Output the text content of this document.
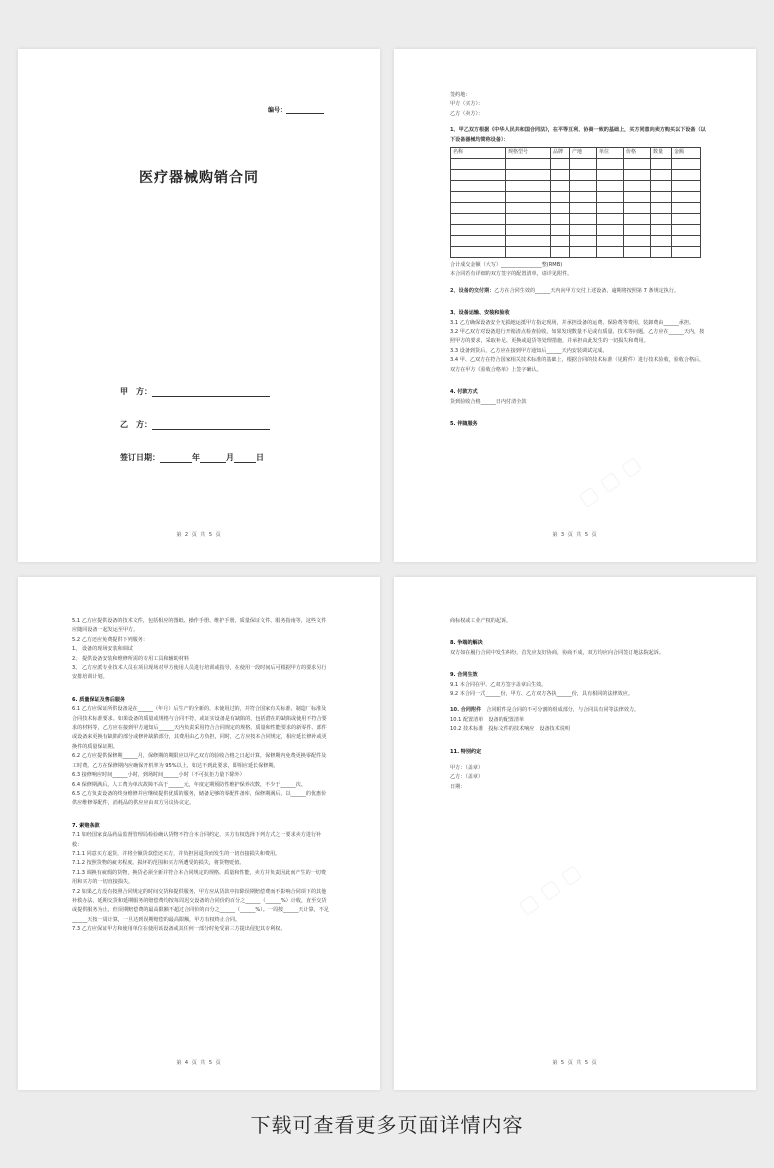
编号：
医疗器械购销合同
甲　方：
乙　方：
签订日期：	年	月	日
第 2 页 共 5 页
▢ ▢ ▢

签约地：

甲方（买方）：

乙方（卖方）：

1、甲乙双方根据《中华人民共和国合同法》，在平等互利、协商一致的基础上，买方同意向卖方购买以下设备（以下设备器械均简称设备）：

名称	规格型号	品牌	产地	单位	价格	数量	金额

合计成交金额（大写）________________整(RMB)

本合同若有详细的双方签字的配置清单，请详见附件。

2、设备的交付期：乙方在合同生效的______天内向甲方交付上述设备，逾期将按照第 7 条规定执行。

3、设备运输、安装和验收

3.1 乙方确保设备安全无损地运抵甲方指定现场，并承担设备的运费、保险费等费用，装卸费由______承担。

3.2 甲乙双方对设备进行开箱清点检查验收，如果发现数量不足或有质量、技术等问题，乙方应在______天内，按照甲方的要求，采取补足、更换或退货等处理措施，并承担由此发生的一切损失和费用。

3.3 设备到货后，乙方应在接到甲方通知后______天内安装调试完成。

3.4 甲、乙双方在符合国家相关技术标准的基础上，根据合同的技术标准（见附件）进行技术验收，验收合格后，双方在甲方《验收合格单》上签字确认。

4. 付款方式

货到验收合格______日内付清全款

5. 伴随服务

第 3 页 共 5 页

5.1 乙方应提供设备的技术文件，包括相应的图纸、操作手册、维护手册、质量保证文件、服务指南等，这些文件应随同设备一起发运至甲方。

5.2 乙方还应免费提供下列服务：

1、 设备的现场安装和调试

2、 提供设备安装和维修所需的专用工具和辅助材料

3、 乙方应派专业技术人员在项目现场对甲方使用人员进行培训或指导，在使用一段时间后可根据甲方的要求另行安排培训计划。

6. 质量保证及售后服务

6.1 乙方应保证所供设备是在______（年月）后生产的全新的、未使用过的，并符合国家有关标准、制造厂标准及合同技术标准要求。如果设备的质量或规格与合同不符，或证实设备是有缺陷的，包括潜在的缺陷或使用不符合要求的材料等，乙方应在接到甲方通知后______天内负责采用符合合同规定的规格、质量和性能要求的新零件、部件或设备来更换有缺陷的部分或修补缺陷部分，其费用由乙方负担，同时，乙方应按本合同规定，相应延长修补或更换件的质量保证期。

6.2 乙方应提供保修期______月，保修期的期限应以甲乙双方的验收合格之日起计算，保修期内免费更换零配件及工时费。乙方在保修期内应确保开机率为 95%以上，如达不到此要求，即相应延长保修期。

6.3 接修响应时间______小时，到场时间______小时（不可抗拒力量下除外）

6.4 保修期满后，人工费为单次故障不高于______元，年度定期预防性维护保养次数，不少于______次。

6.5 乙方负责设备的终身维修并应继续提供优质的服务，储备足够的零配件备库，保修期满后，以______的优惠价供应维修零配件，消耗品的供应应由双方另议协议定。

7. 索赔条款

7.1 如经国家食品药品监督管理局检验确认货物不符合本合同约定，买方有权选择下列方式之一要求卖方进行补救：

7.1.1 同意买方退货，并将全额货款偿还买方，并负担因退货而发生的一切直接损失和费用。

7.1.2 按照货物的疵劣程度、损坏的范围和买方所遭受的损失，将货物贬值。

7.1.3 调换有疵瑕的货物，换货必须全新并符合本合同规定的规格、质量和性能，卖方并负责因此而产生的一切费用和买方的一切直接损失。

7.2 如果乙方没有按照合同规定的时间交货和提供服务，甲方应从货款中扣除误期赔偿费而不影响合同项下的其他补救办法，延期交货和延期服务的赔偿费均按每周迟交设备的合同价的百分之______（______%）计收，直至交货或提供服务为止，但误期赔偿费的最高限额不超过合同价的百分之______（______%）。一周按______天计算，不足______天按一周计算，一旦达到误期赔偿的最高限额，甲方有权终止合同。

7.3 乙方应保证甲方和使用单位在使用该设备或其任何一部分时免受第三方提出侵犯其专利权、

第 4 页 共 5 页
▢ ▢ ▢

商标权或工业产权的起诉。

8. 争端的解决

双方如在履行合同中发生纠纷，首先应友好协商，协商不成，双方均应向合同签订地法院起诉。

9. 合同生效

9.1 本合同在甲、乙双方签字盖章后生效。

9.2 本合同一式______份，甲方、乙方双方各执______份，具有相同的法律效应。

10. 合同附件　 合同附件是合同的不可分割的组成部分，与合同具有同等法律效力。

10.1 配置清单　设备的配置清单

10.2 技术标准　投标文件的技术响应　设备技术说明

11. 特别约定

甲方：（盖章）

乙方：（盖章）

日期：

第 5 页 共 5 页
下载可查看更多页面详情内容
